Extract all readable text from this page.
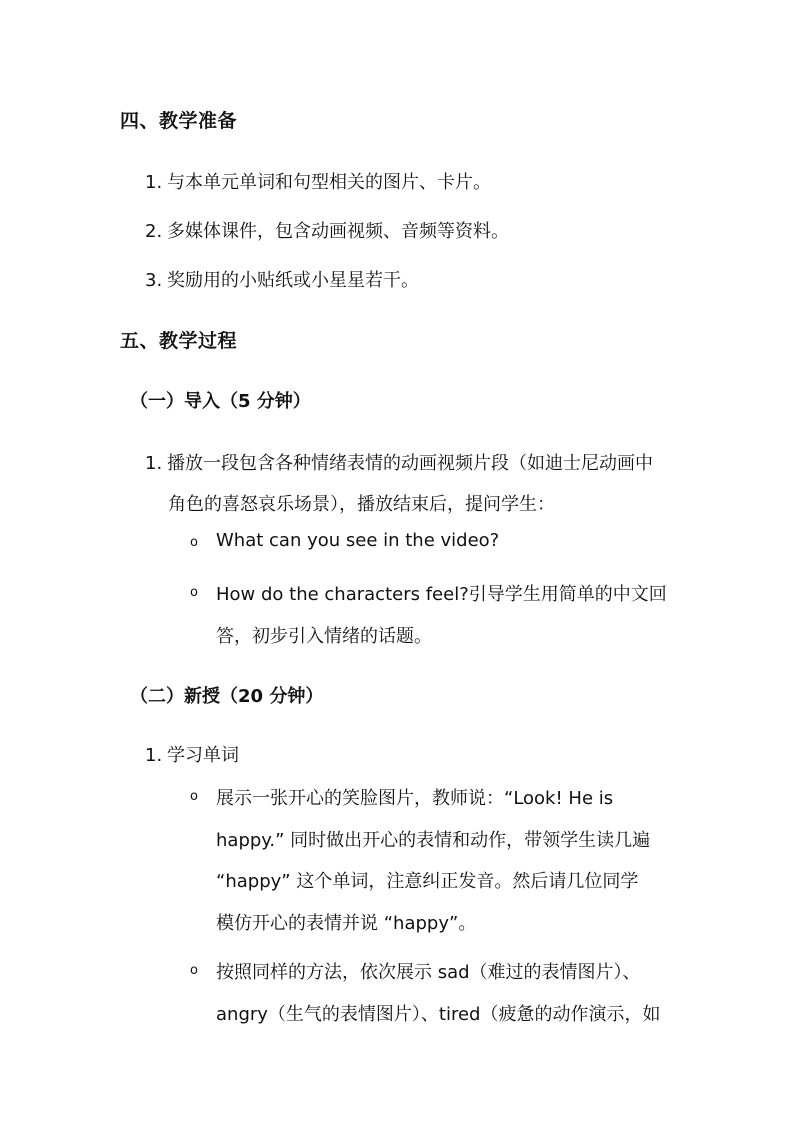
四、教学准备
1. 与本单元单词和句型相关的图片、卡片。
2. 多媒体课件，包含动画视频、音频等资料。
3. 奖励用的小贴纸或小星星若干。
五、教学过程
（一）导入（5 分钟）
1. 播放一段包含各种情绪表情的动画视频片段（如迪士尼动画中
角色的喜怒哀乐场景），播放结束后，提问学生：
o What can you see in the video?
o How do the characters feel?引导学生用简单的中文回
答，初步引入情绪的话题。
（二）新授（20 分钟）
1. 学习单词
o 展示一张开心的笑脸图片，教师说：“Look! He is
happy.” 同时做出开心的表情和动作，带领学生读几遍
“happy” 这个单词，注意纠正发音。然后请几位同学
模仿开心的表情并说 “happy”。
o 按照同样的方法，依次展示 sad（难过的表情图片）、
angry（生气的表情图片）、tired（疲惫的动作演示，如
